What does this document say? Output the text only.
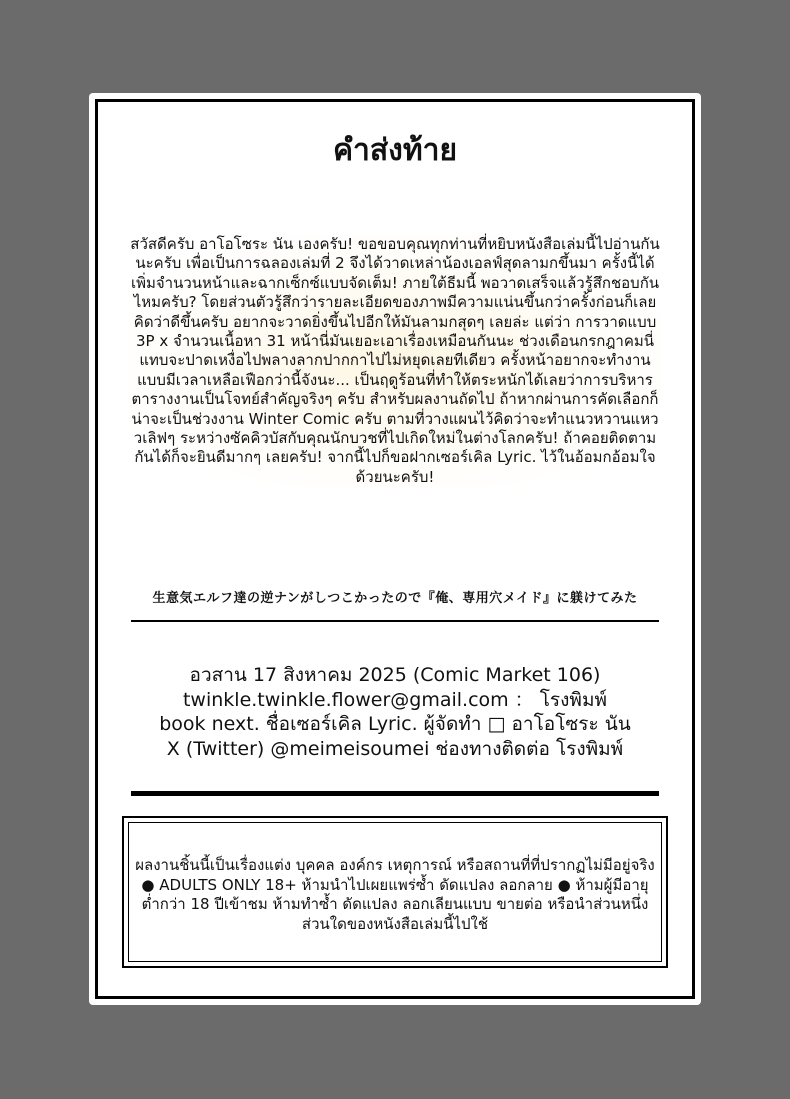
คำส่งท้าย
สวัสดีครับ อาโอโซระ นัน เองครับ! ขอขอบคุณทุกท่านที่หยิบหนังสือเล่มนี้ไปอ่านกันนะครับ เพื่อเป็นการฉลองเล่มที่ 2 จึงได้วาดเหล่าน้องเอลฟ์สุดลามกขึ้นมา ครั้งนี้ได้ เพิ่มจำนวนหน้าและฉากเซ็กซ์แบบจัดเต็ม! ภายใต้ธีมนี้ พอวาดเสร็จแล้วรู้สึกชอบกันไหมครับ? โดยส่วนตัวรู้สึกว่ารายละเอียดของภาพมีความแน่นขึ้นกว่าครั้งก่อนก็เลยคิดว่าดีขึ้นครับ อยากจะวาดยิ่งขึ้นไปอีกให้มันลามกสุดๆ เลยล่ะ แต่ว่า การวาดแบบ 3P x จำนวนเนื้อหา 31 หน้านี่มันเยอะเอาเรื่องเหมือนกันนะ ช่วงเดือนกรกฎาคมนี่แทบจะปาดเหงื่อไปพลางลากปากกาไปไม่หยุดเลยทีเดียว ครั้งหน้าอยากจะทำงานแบบมีเวลาเหลือเฟือกว่านี้จังนะ... เป็นฤดูร้อนที่ทำให้ตระหนักได้เลยว่าการบริหารตารางงานเป็นโจทย์สำคัญจริงๆ ครับ สำหรับผลงานถัดไป ถ้าหากผ่านการคัดเลือกก็น่าจะเป็นช่วงงาน Winter Comic ครับ ตามที่วางแผนไว้คิดว่าจะทำแนวหวานแหววเลิฟๆ ระหว่างซัคคิวบัสกับคุณนักบวชที่ไปเกิดใหม่ในต่างโลกครับ! ถ้าคอยติดตามกันได้ก็จะยินดีมากๆ เลยครับ! จากนี้ไปก็ขอฝากเซอร์เคิล Lyric. ไว้ในอ้อมกอ้อมใจด้วยนะครับ!
生意気エルフ達の逆ナンがしつこかったので『俺、専用穴メイド』に躾けてみた
อวสาน 17 สิงหาคม 2025 (Comic Market 106)
twinkle.twinkle.flower@gmail.com ： โรงพิมพ์
book next. ชื่อเซอร์เคิล Lyric. ผู้จัดทำ □ อาโอโซระ นัน
X (Twitter) @meimeisoumei ช่องทางติดต่อ โรงพิมพ์
ผลงานชิ้นนี้เป็นเรื่องแต่ง บุคคล องค์กร เหตุการณ์ หรือสถานที่ที่ปรากฏไม่มีอยู่จริง ● ADULTS ONLY 18+ ห้ามนำไปเผยแพร่ซ้ำ ดัดแปลง ลอกลาย ● ห้ามผู้มีอายุต่ำกว่า 18 ปีเข้าชม ห้ามทำซ้ำ ดัดแปลง ลอกเลียนแบบ ขายต่อ หรือนำส่วนหนึ่งส่วนใดของหนังสือเล่มนี้ไปใช้
